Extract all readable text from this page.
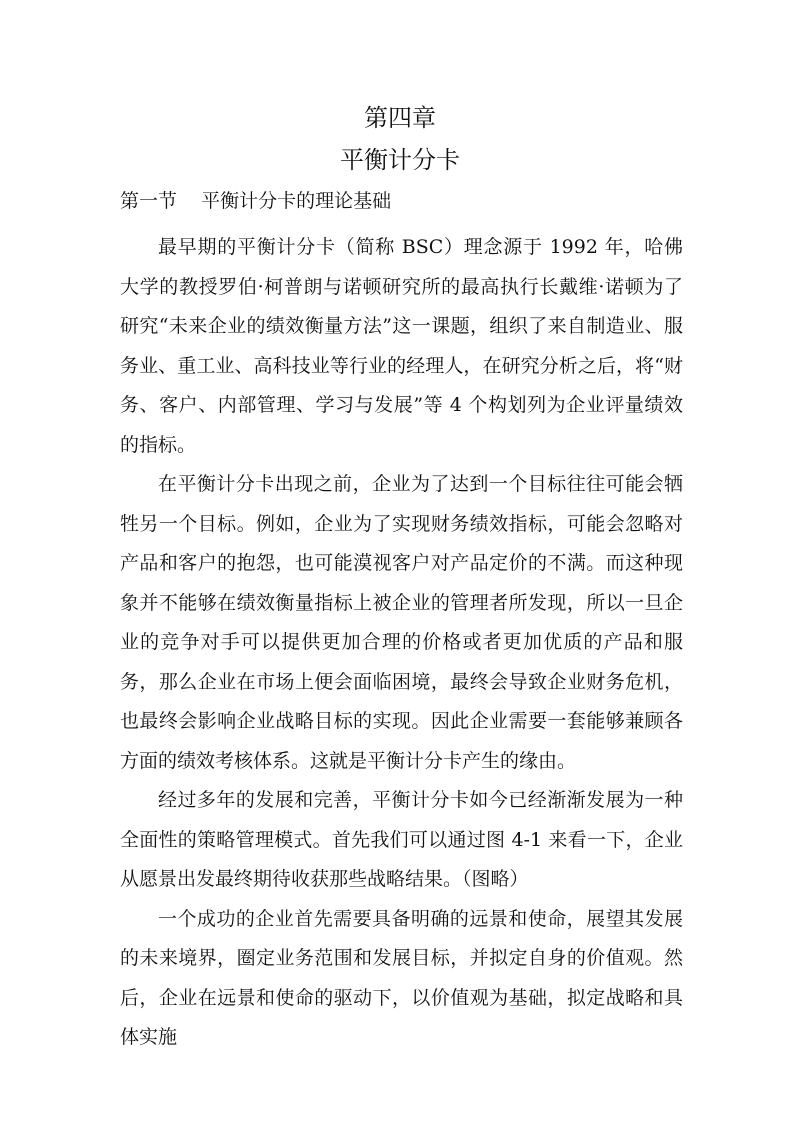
第四章
平衡计分卡
第一节    平衡计分卡的理论基础

最早期的平衡计分卡（简称 BSC）理念源于 1992 年，哈佛大学的教授罗伯·柯普朗与诺顿研究所的最高执行长戴维·诺顿为了研究“未来企业的绩效衡量方法”这一课题，组织了来自制造业、服务业、重工业、高科技业等行业的经理人，在研究分析之后，将“财务、客户、内部管理、学习与发展”等 4 个构划列为企业评量绩效的指标。

在平衡计分卡出现之前，企业为了达到一个目标往往可能会牺牲另一个目标。例如，企业为了实现财务绩效指标，可能会忽略对产品和客户的抱怨，也可能漠视客户对产品定价的不满。而这种现象并不能够在绩效衡量指标上被企业的管理者所发现，所以一旦企业的竞争对手可以提供更加合理的价格或者更加优质的产品和服务，那么企业在市场上便会面临困境，最终会导致企业财务危机，也最终会影响企业战略目标的实现。因此企业需要一套能够兼顾各方面的绩效考核体系。这就是平衡计分卡产生的缘由。

经过多年的发展和完善，平衡计分卡如今已经渐渐发展为一种全面性的策略管理模式。首先我们可以通过图 4-1 来看一下，企业从愿景出发最终期待收获那些战略结果。（图略）

一个成功的企业首先需要具备明确的远景和使命，展望其发展的未来境界，圈定业务范围和发展目标，并拟定自身的价值观。然后，企业在远景和使命的驱动下，以价值观为基础，拟定战略和具体实施
